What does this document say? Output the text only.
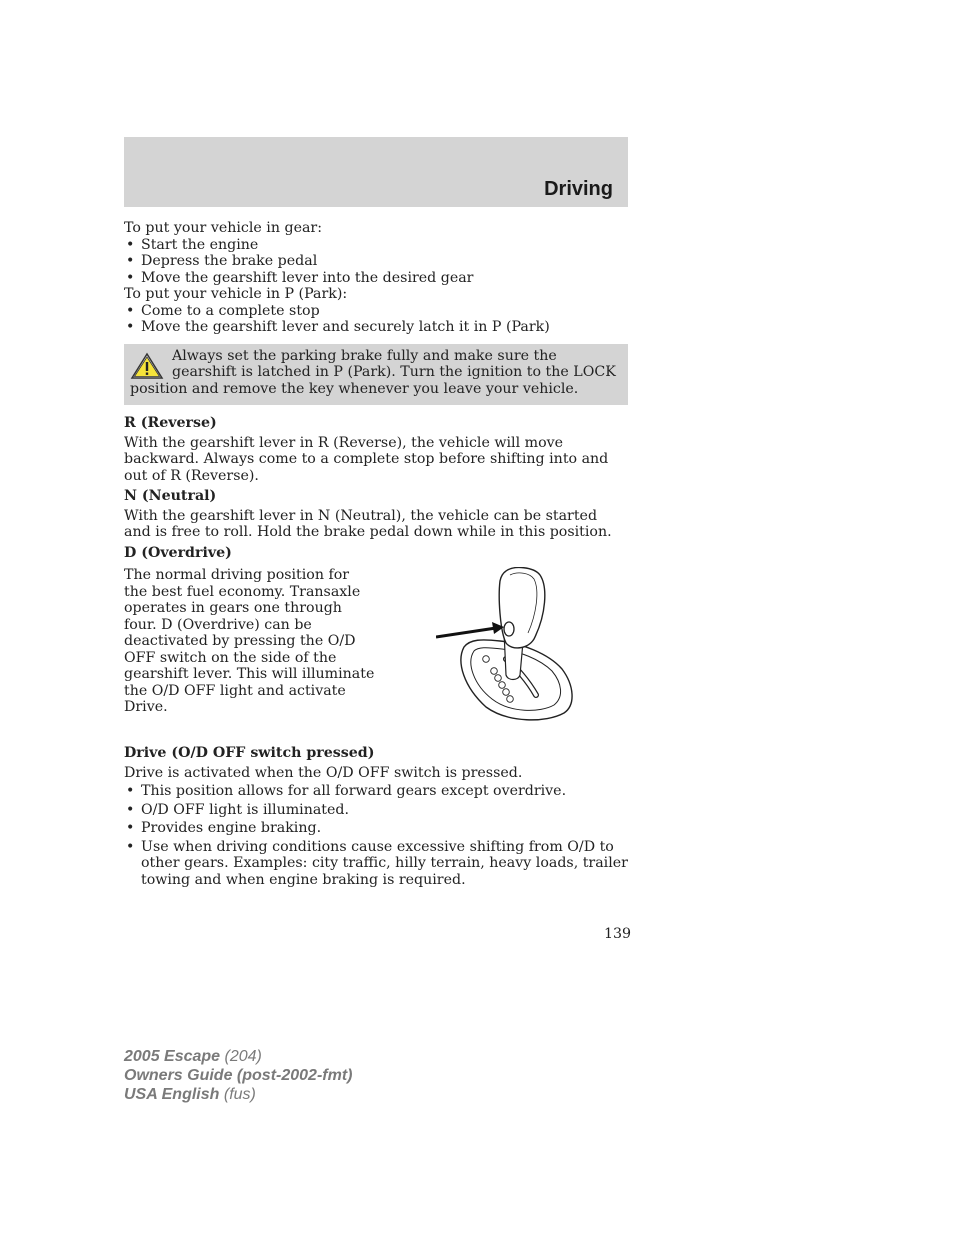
Driving

To put your vehicle in gear:

• Start the engine
• Depress the brake pedal
• Move the gearshift lever into the desired gear

To put your vehicle in P (Park):

• Come to a complete stop
• Move the gearshift lever and securely latch it in P (Park)

Always set the parking brake fully and make sure the gearshift is latched in P (Park). Turn the ignition to the LOCK position and remove the key whenever you leave your vehicle.

R (Reverse)

With the gearshift lever in R (Reverse), the vehicle will move backward. Always come to a complete stop before shifting into and out of R (Reverse).

N (Neutral)

With the gearshift lever in N (Neutral), the vehicle can be started and is free to roll. Hold the brake pedal down while in this position.

D (Overdrive)

The normal driving position for the best fuel economy. Transaxle operates in gears one through four. D (Overdrive) can be deactivated by pressing the O/D OFF switch on the side of the gearshift lever. This will illuminate the O/D OFF light and activate Drive.

Drive (O/D OFF switch pressed)

Drive is activated when the O/D OFF switch is pressed.

• This position allows for all forward gears except overdrive.
• O/D OFF light is illuminated.
• Provides engine braking.
• Use when driving conditions cause excessive shifting from O/D to other gears. Examples: city traffic, hilly terrain, heavy loads, trailer towing and when engine braking is required.
139
2005 Escape (204)
Owners Guide (post-2002-fmt)
USA English (fus)
